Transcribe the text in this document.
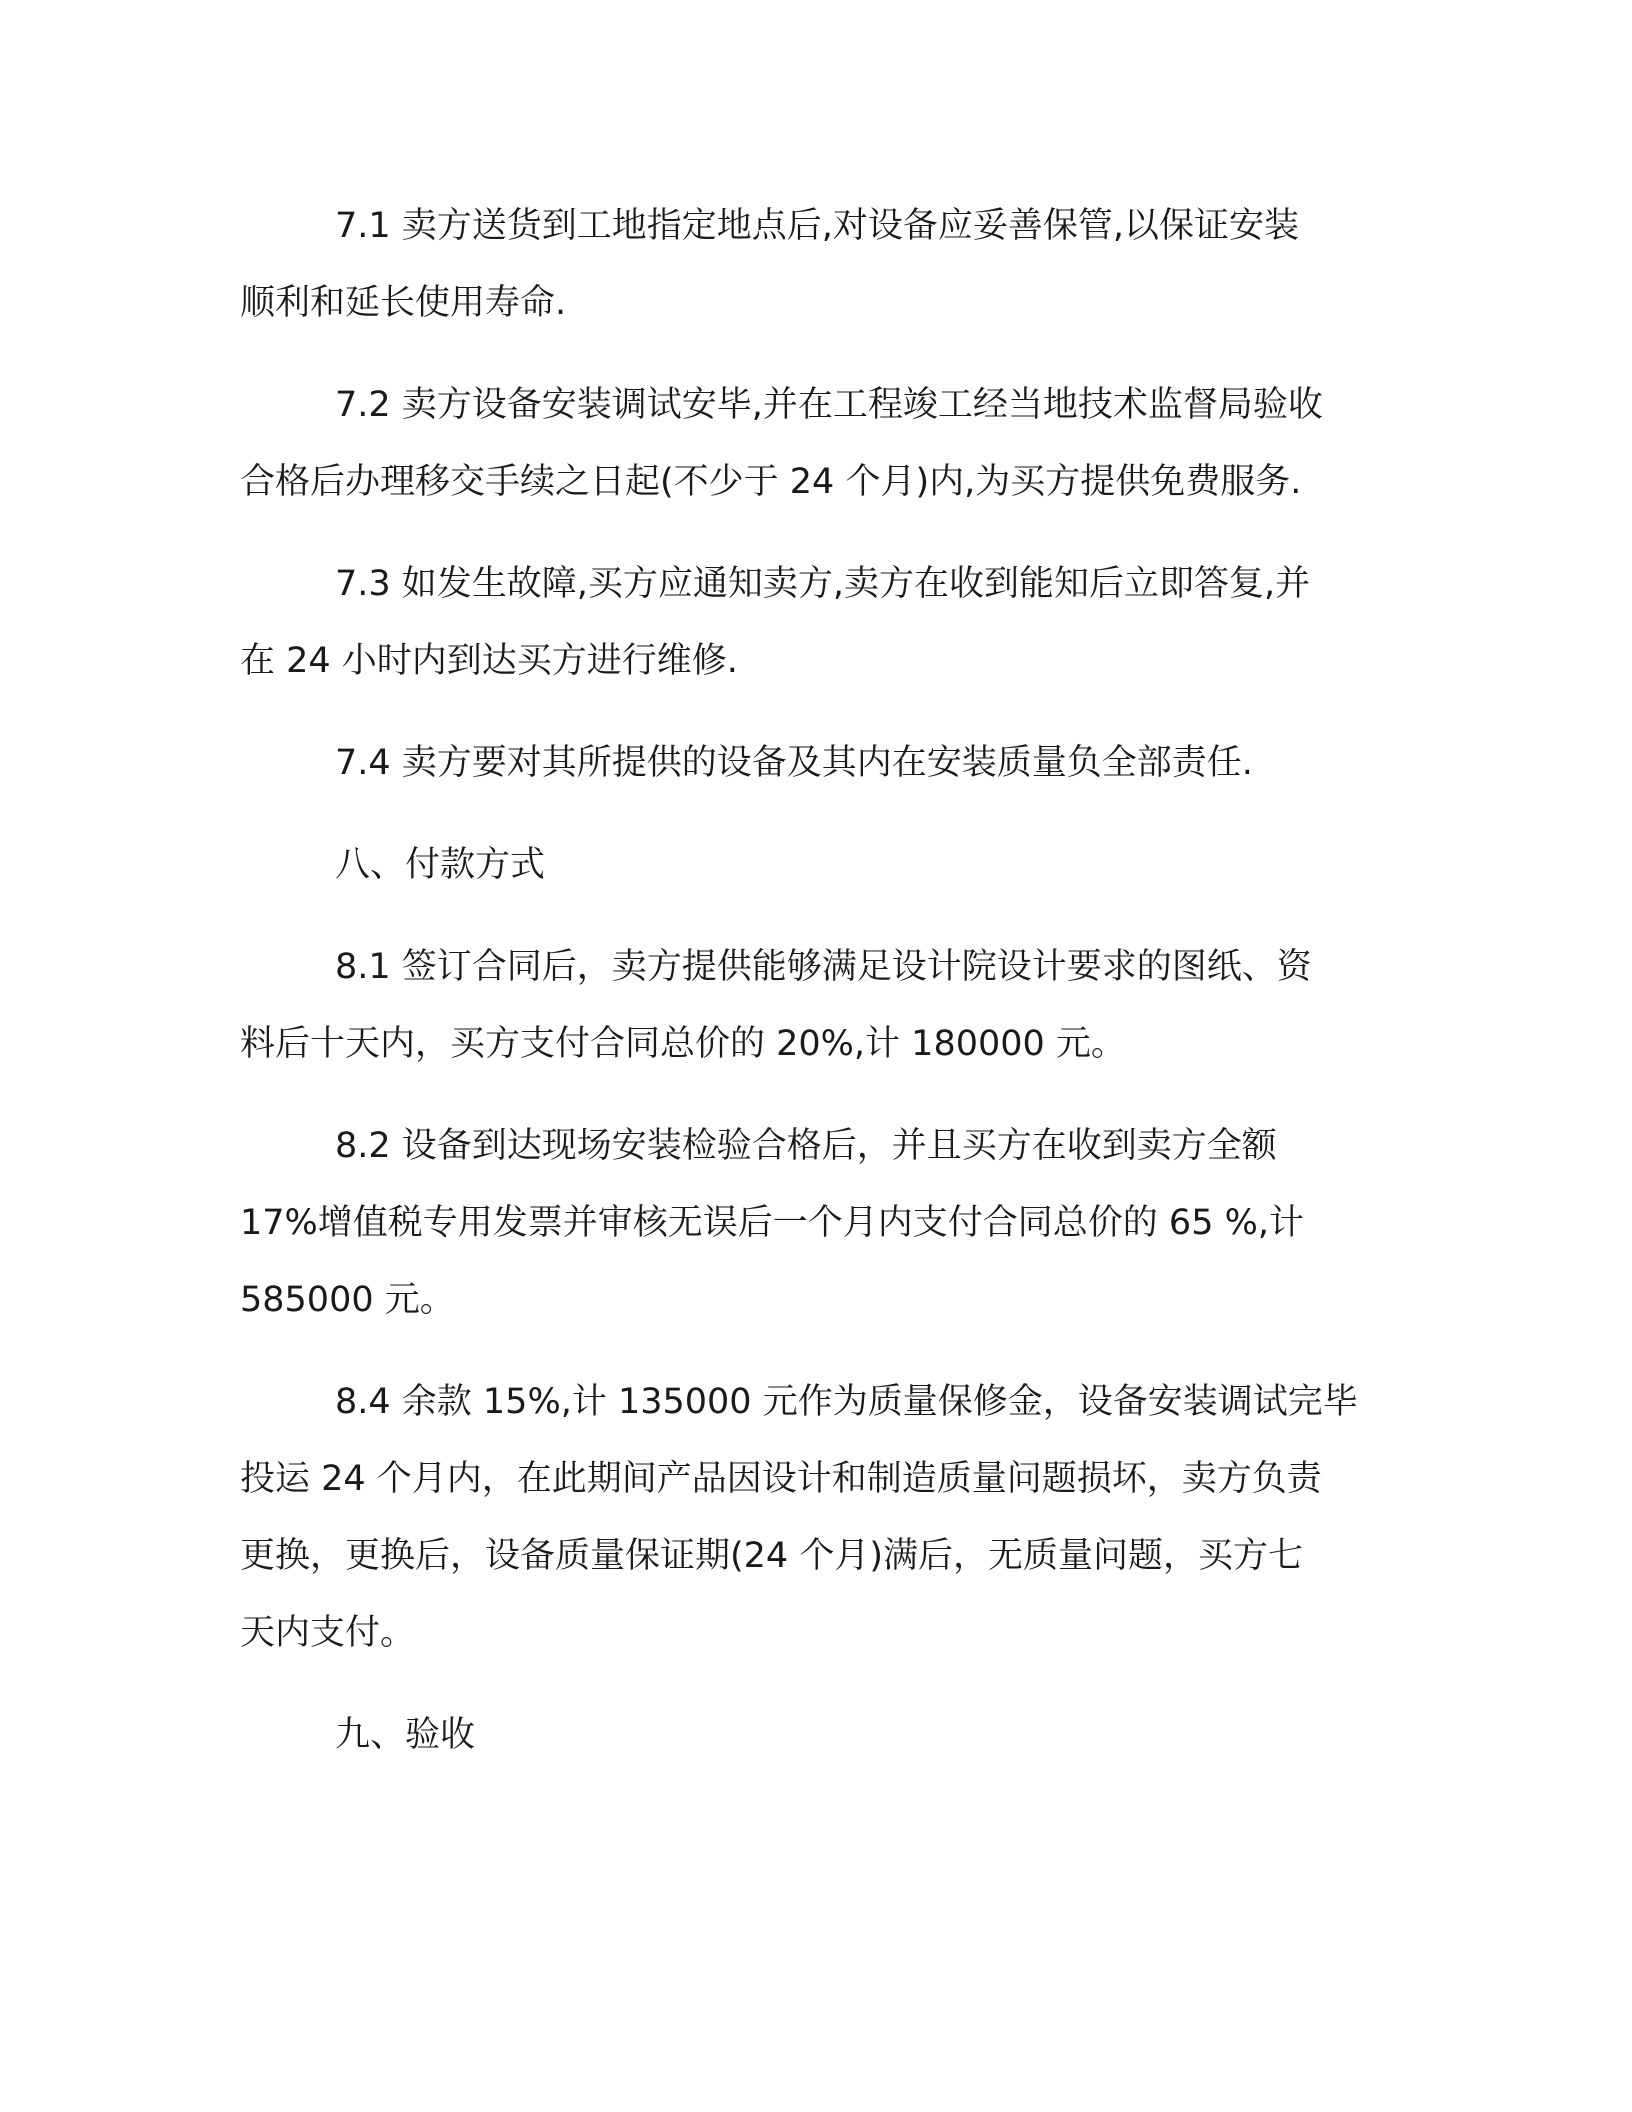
7.1 卖方送货到工地指定地点后,对设备应妥善保管,以保证安装
顺利和延长使用寿命.

7.2 卖方设备安装调试安毕,并在工程竣工经当地技术监督局验收
合格后办理移交手续之日起(不少于 24 个月)内,为买方提供免费服务.

7.3 如发生故障,买方应通知卖方,卖方在收到能知后立即答复,并
在 24 小时内到达买方进行维修.

7.4 卖方要对其所提供的设备及其内在安装质量负全部责任.

八、付款方式

8.1 签订合同后，卖方提供能够满足设计院设计要求的图纸、资
料后十天内，买方支付合同总价的 20%,计 180000 元。

8.2 设备到达现场安装检验合格后，并且买方在收到卖方全额
17%增值税专用发票并审核无误后一个月内支付合同总价的 65 %,计
585000 元。

8.4 余款 15%,计 135000 元作为质量保修金，设备安装调试完毕
投运 24 个月内，在此期间产品因设计和制造质量问题损坏，卖方负责
更换，更换后，设备质量保证期(24 个月)满后，无质量问题，买方七
天内支付。

九、验收
